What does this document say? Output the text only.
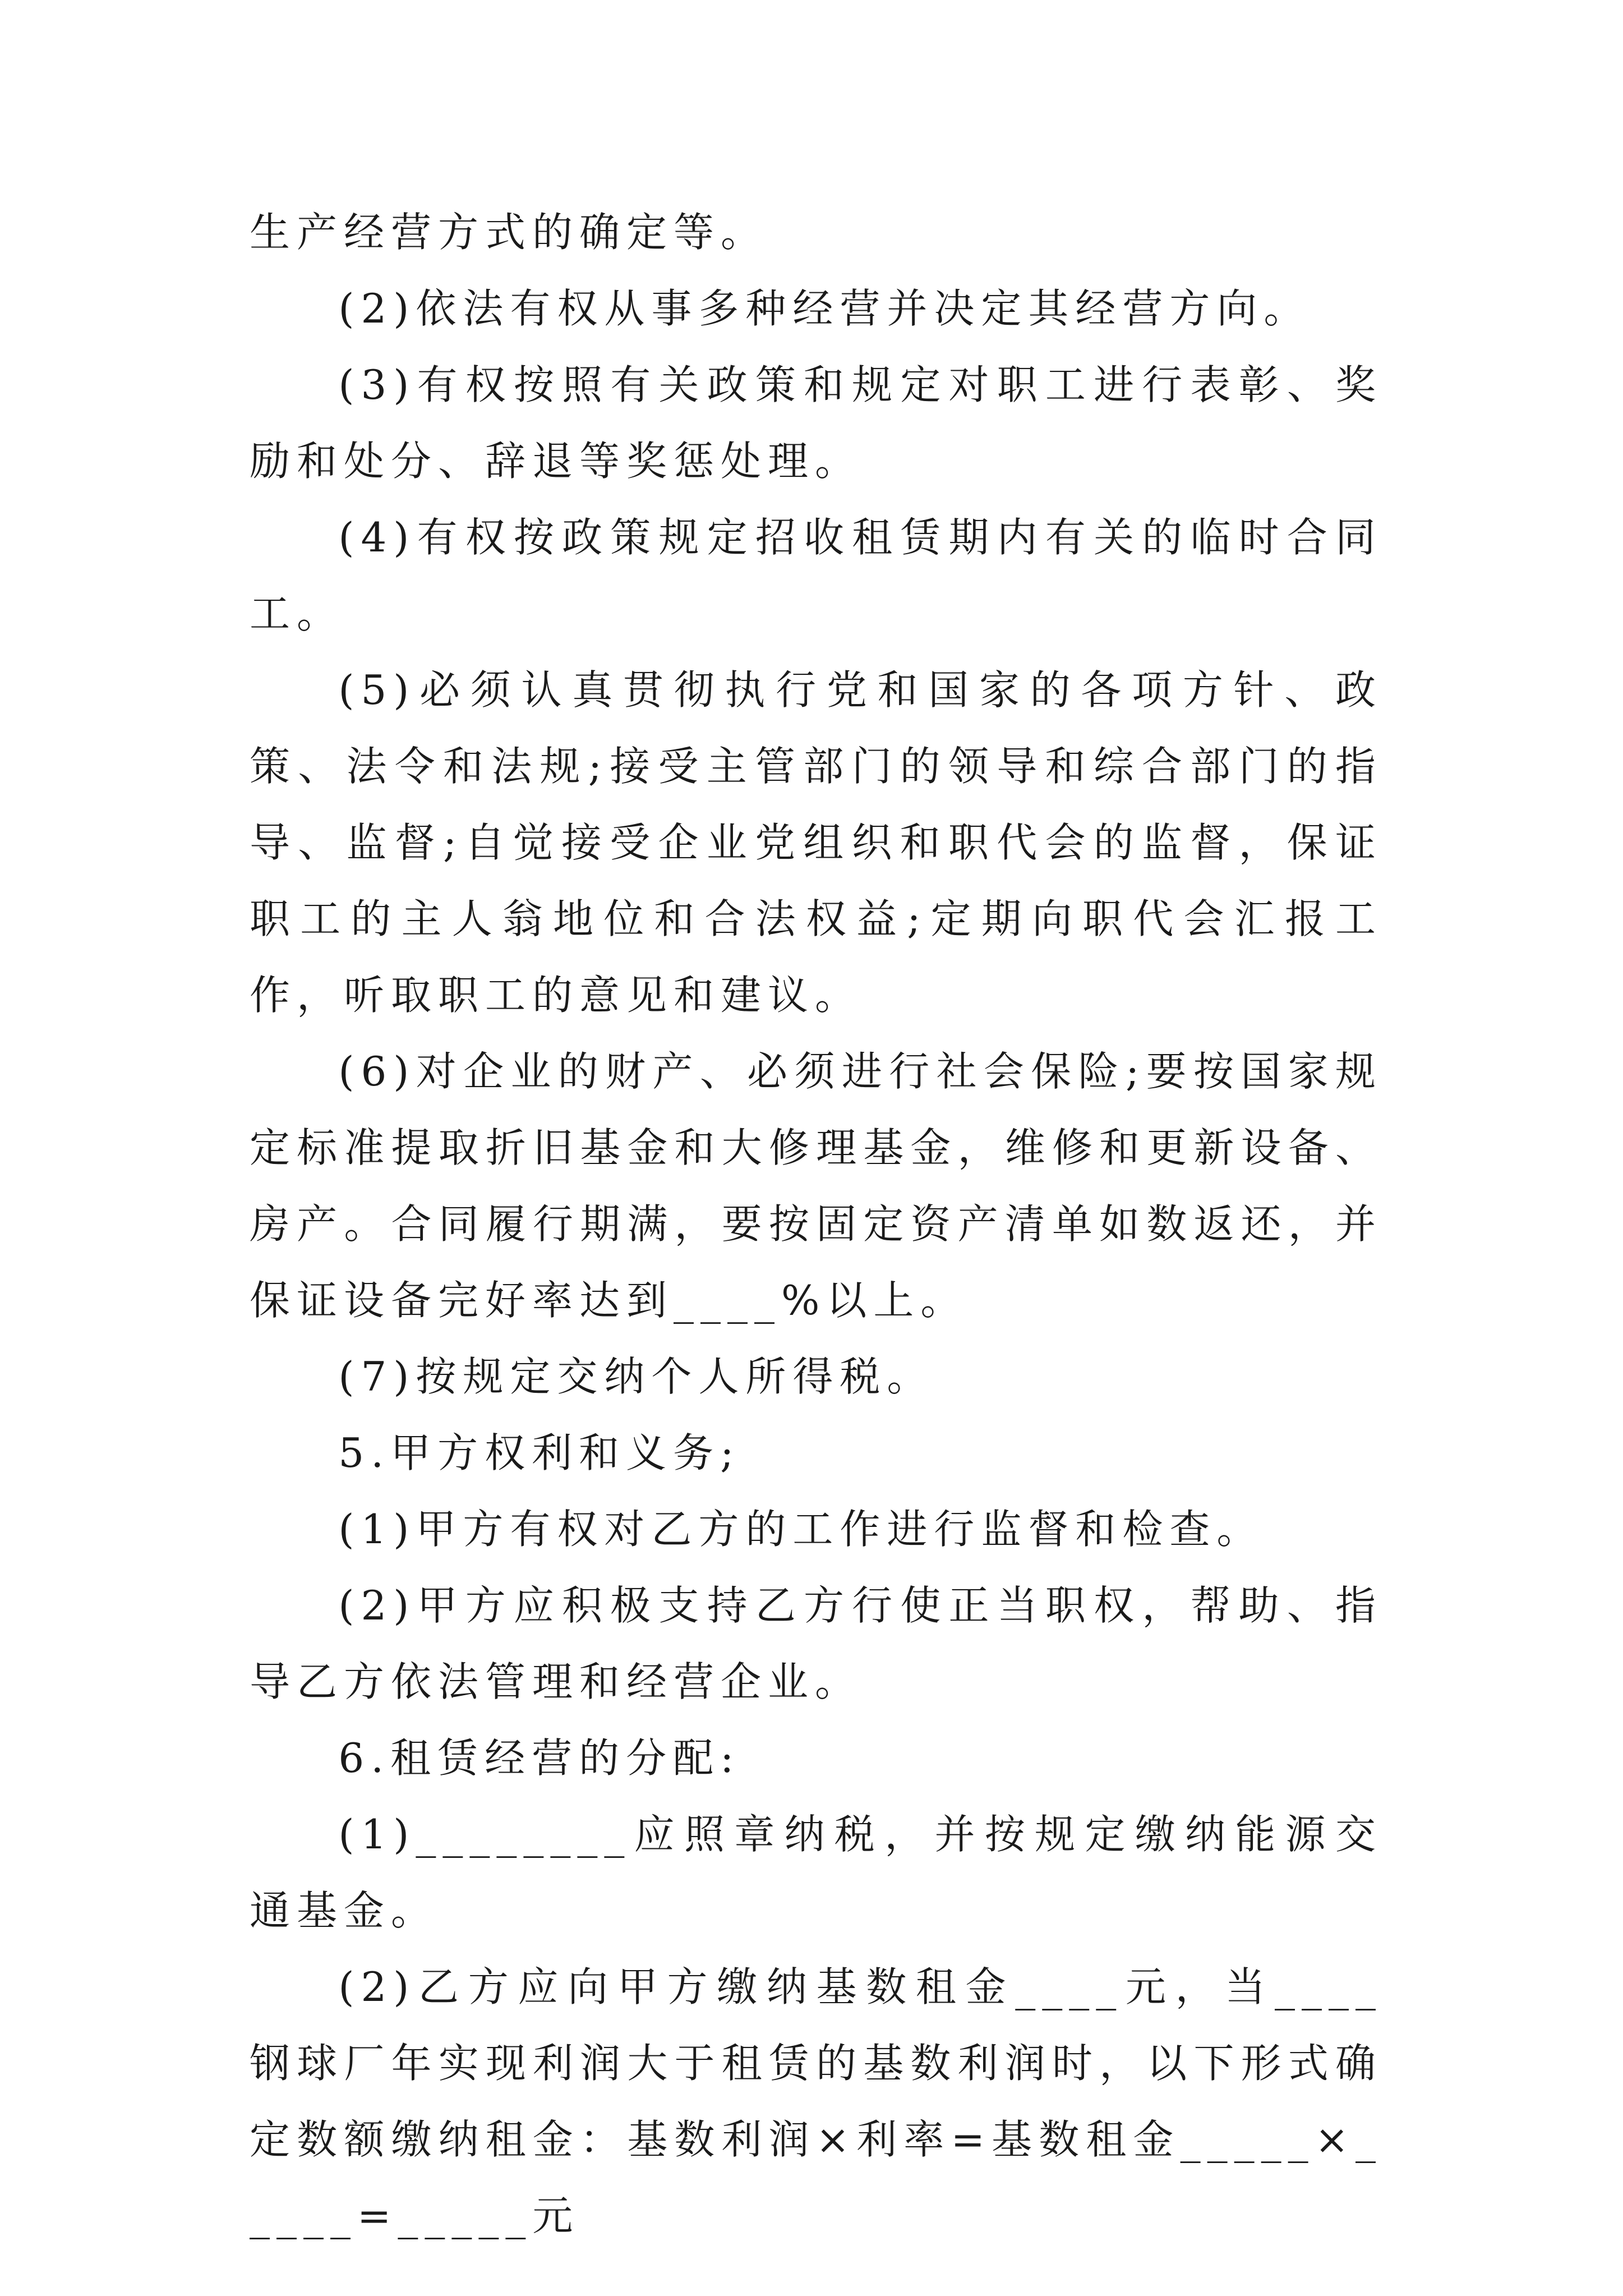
生产经营方式的确定等。

(2)依法有权从事多种经营并决定其经营方向。

(3)有权按照有关政策和规定对职工进行表彰、奖励和处分、辞退等奖惩处理。

(4)有权按政策规定招收租赁期内有关的临时合同工。

(5)必须认真贯彻执行党和国家的各项方针、政策、法令和法规;接受主管部门的领导和综合部门的指导、监督;自觉接受企业党组织和职代会的监督，保证职工的主人翁地位和合法权益;定期向职代会汇报工作，听取职工的意见和建议。

(6)对企业的财产、必须进行社会保险;要按国家规定标准提取折旧基金和大修理基金，维修和更新设备、房产。合同履行期满，要按固定资产清单如数返还，并保证设备完好率达到____%以上。

(7)按规定交纳个人所得税。

5.甲方权利和义务;

(1)甲方有权对乙方的工作进行监督和检查。

(2)甲方应积极支持乙方行使正当职权，帮助、指导乙方依法管理和经营企业。

6.租赁经营的分配:

(1)________应照章纳税，并按规定缴纳能源交通基金。

(2)乙方应向甲方缴纳基数租金____元，当____钢球厂年实现利润大于租赁的基数利润时，以下形式确定数额缴纳租金：基数利润×利率=基数租金_____×_____=_____元
